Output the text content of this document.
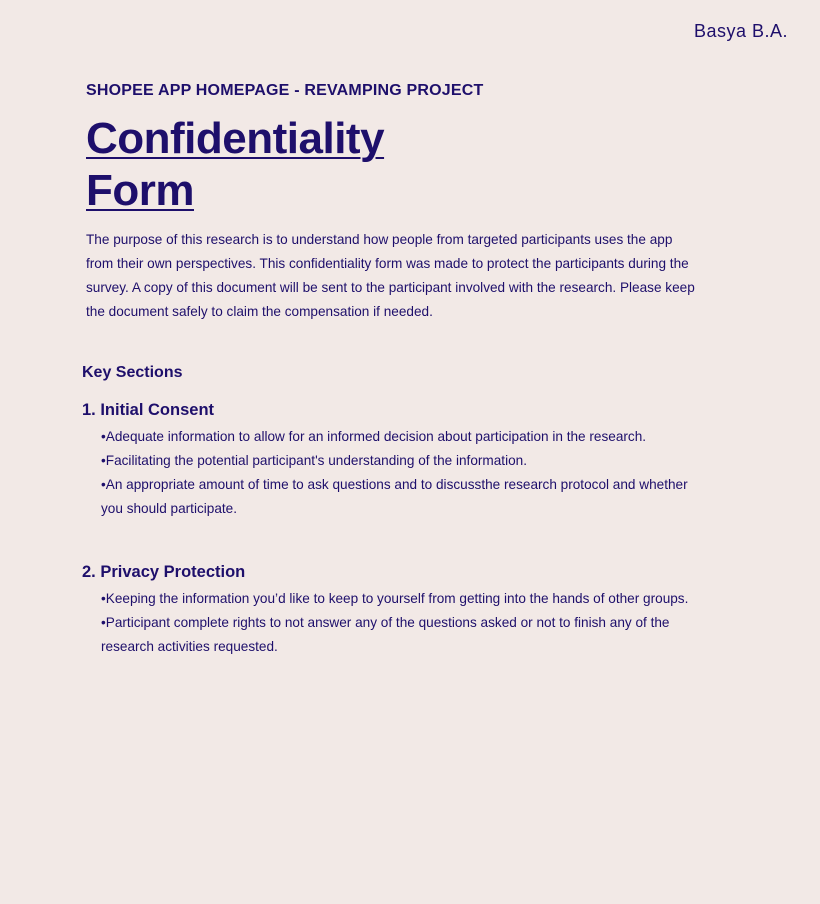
Basya B.A.
SHOPEE APP HOMEPAGE - REVAMPING PROJECT
Confidentiality
Form

The purpose of this research is to understand how people from targeted participants uses the app from their own perspectives. This confidentiality form was made to protect the participants during the survey. A copy of this document will be sent to the participant involved with the research. Please keep the document safely to claim the compensation if needed.

Key Sections
1. Initial Consent
• Adequate information to allow for an informed decision about participation in the research.
• Facilitating the potential participant's understanding of the information.
• An appropriate amount of time to ask questions and to discussthe research protocol and whether you should participate.
2. Privacy Protection
• Keeping the information you’d like to keep to yourself from getting into the hands of other groups.
• Participant complete rights to not answer any of the questions asked or not to finish any of the research activities requested.
